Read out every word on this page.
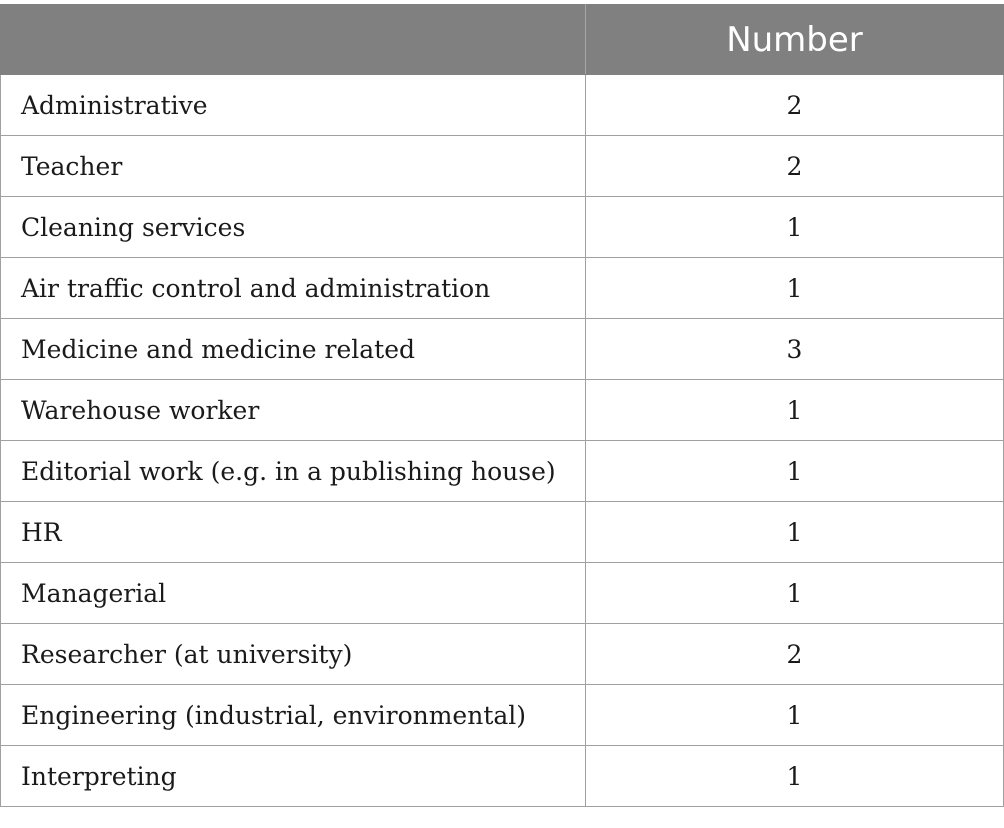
	Number
Administrative	2
Teacher	2
Cleaning services	1
Air traffic control and administration	1
Medicine and medicine related	3
Warehouse worker	1
Editorial work (e.g. in a publishing house)	1
HR	1
Managerial	1
Researcher (at university)	2
Engineering (industrial, environmental)	1
Interpreting	1
